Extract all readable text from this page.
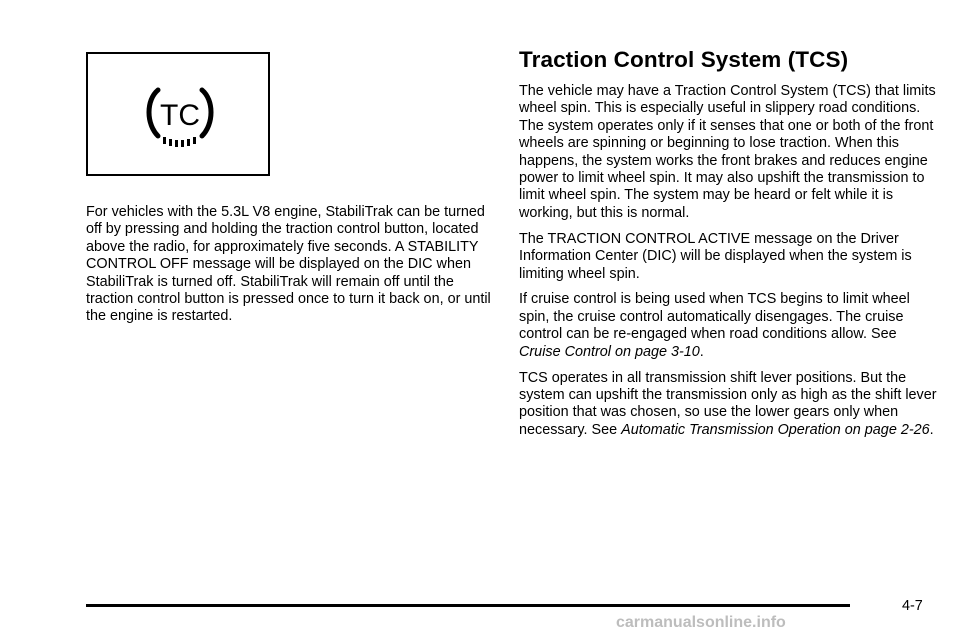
TC

For vehicles with the 5.3L V8 engine, StabiliTrak can be turned off by pressing and holding the traction control button, located above the radio, for approximately five seconds. A STABILITY CONTROL OFF message will be displayed on the DIC when StabiliTrak is turned off. StabiliTrak will remain off until the traction control button is pressed once to turn it back on, or until the engine is restarted.

Traction Control System (TCS)

The vehicle may have a Traction Control System (TCS) that limits wheel spin. This is especially useful in slippery road conditions. The system operates only if it senses that one or both of the front wheels are spinning or beginning to lose traction. When this happens, the system works the front brakes and reduces engine power to limit wheel spin. It may also upshift the transmission to limit wheel spin. The system may be heard or felt while it is working, but this is normal.

The TRACTION CONTROL ACTIVE message on the Driver Information Center (DIC) will be displayed when the system is limiting wheel spin.

If cruise control is being used when TCS begins to limit wheel spin, the cruise control automatically disengages. The cruise control can be re-engaged when road conditions allow. See Cruise Control on page 3-10.

TCS operates in all transmission shift lever positions. But the system can upshift the transmission only as high as the shift lever position that was chosen, so use the lower gears only when necessary. See Automatic Transmission Operation on page 2-26.

4-7
carmanualsonline.info
